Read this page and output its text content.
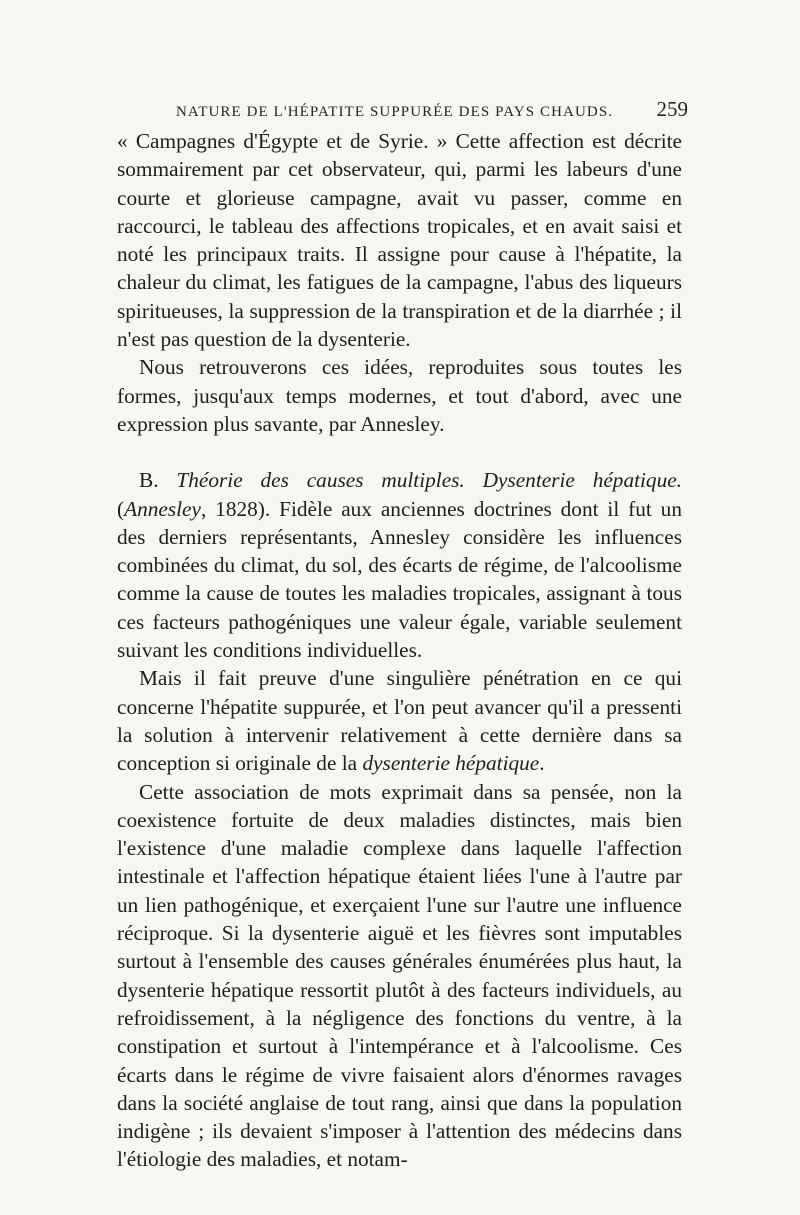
NATURE DE L'HÉPATITE SUPPURÉE DES PAYS CHAUDS. 259

« Campagnes d'Égypte et de Syrie. » Cette affection est décrite sommairement par cet observateur, qui, parmi les labeurs d'une courte et glorieuse campagne, avait vu passer, comme en raccourci, le tableau des affections tropicales, et en avait saisi et noté les principaux traits. Il assigne pour cause à l'hépatite, la chaleur du climat, les fatigues de la campagne, l'abus des liqueurs spiritueuses, la suppression de la transpiration et de la diarrhée ; il n'est pas question de la dysenterie.

Nous retrouverons ces idées, reproduites sous toutes les formes, jusqu'aux temps modernes, et tout d'abord, avec une expression plus savante, par Annesley.

B. Théorie des causes multiples. Dysenterie hépatique. (Annesley, 1828). Fidèle aux anciennes doctrines dont il fut un des derniers représentants, Annesley considère les influences combinées du climat, du sol, des écarts de régime, de l'alcoolisme comme la cause de toutes les maladies tropicales, assignant à tous ces facteurs pathogéniques une valeur égale, variable seulement suivant les conditions individuelles.

Mais il fait preuve d'une singulière pénétration en ce qui concerne l'hépatite suppurée, et l'on peut avancer qu'il a pressenti la solution à intervenir relativement à cette dernière dans sa conception si originale de la dysenterie hépatique.

Cette association de mots exprimait dans sa pensée, non la coexistence fortuite de deux maladies distinctes, mais bien l'existence d'une maladie complexe dans laquelle l'affection intestinale et l'affection hépatique étaient liées l'une à l'autre par un lien pathogénique, et exerçaient l'une sur l'autre une influence réciproque. Si la dysenterie aiguë et les fièvres sont imputables surtout à l'ensemble des causes générales énumérées plus haut, la dysenterie hépatique ressortit plutôt à des facteurs individuels, au refroidissement, à la négligence des fonctions du ventre, à la constipation et surtout à l'intempérance et à l'alcoolisme. Ces écarts dans le régime de vivre faisaient alors d'énormes ravages dans la société anglaise de tout rang, ainsi que dans la population indigène ; ils devaient s'imposer à l'attention des médecins dans l'étiologie des maladies, et notam-
